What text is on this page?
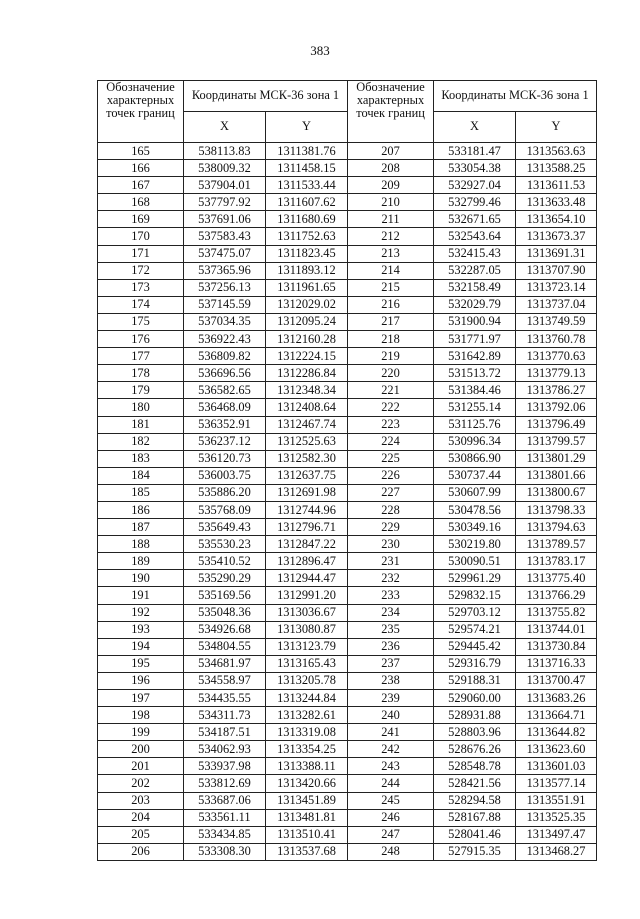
383
Обозначение характерных точек границ	Координаты МСК-36 зона 1		Обозначение характерных точек границ	Координаты МСК-36 зона 1	
	X	Y		X	Y
165	538113.83	1311381.76	207	533181.47	1313563.63
166	538009.32	1311458.15	208	533054.38	1313588.25
167	537904.01	1311533.44	209	532927.04	1313611.53
168	537797.92	1311607.62	210	532799.46	1313633.48
169	537691.06	1311680.69	211	532671.65	1313654.10
170	537583.43	1311752.63	212	532543.64	1313673.37
171	537475.07	1311823.45	213	532415.43	1313691.31
172	537365.96	1311893.12	214	532287.05	1313707.90
173	537256.13	1311961.65	215	532158.49	1313723.14
174	537145.59	1312029.02	216	532029.79	1313737.04
175	537034.35	1312095.24	217	531900.94	1313749.59
176	536922.43	1312160.28	218	531771.97	1313760.78
177	536809.82	1312224.15	219	531642.89	1313770.63
178	536696.56	1312286.84	220	531513.72	1313779.13
179	536582.65	1312348.34	221	531384.46	1313786.27
180	536468.09	1312408.64	222	531255.14	1313792.06
181	536352.91	1312467.74	223	531125.76	1313796.49
182	536237.12	1312525.63	224	530996.34	1313799.57
183	536120.73	1312582.30	225	530866.90	1313801.29
184	536003.75	1312637.75	226	530737.44	1313801.66
185	535886.20	1312691.98	227	530607.99	1313800.67
186	535768.09	1312744.96	228	530478.56	1313798.33
187	535649.43	1312796.71	229	530349.16	1313794.63
188	535530.23	1312847.22	230	530219.80	1313789.57
189	535410.52	1312896.47	231	530090.51	1313783.17
190	535290.29	1312944.47	232	529961.29	1313775.40
191	535169.56	1312991.20	233	529832.15	1313766.29
192	535048.36	1313036.67	234	529703.12	1313755.82
193	534926.68	1313080.87	235	529574.21	1313744.01
194	534804.55	1313123.79	236	529445.42	1313730.84
195	534681.97	1313165.43	237	529316.79	1313716.33
196	534558.97	1313205.78	238	529188.31	1313700.47
197	534435.55	1313244.84	239	529060.00	1313683.26
198	534311.73	1313282.61	240	528931.88	1313664.71
199	534187.51	1313319.08	241	528803.96	1313644.82
200	534062.93	1313354.25	242	528676.26	1313623.60
201	533937.98	1313388.11	243	528548.78	1313601.03
202	533812.69	1313420.66	244	528421.56	1313577.14
203	533687.06	1313451.89	245	528294.58	1313551.91
204	533561.11	1313481.81	246	528167.88	1313525.35
205	533434.85	1313510.41	247	528041.46	1313497.47
206	533308.30	1313537.68	248	527915.35	1313468.27
